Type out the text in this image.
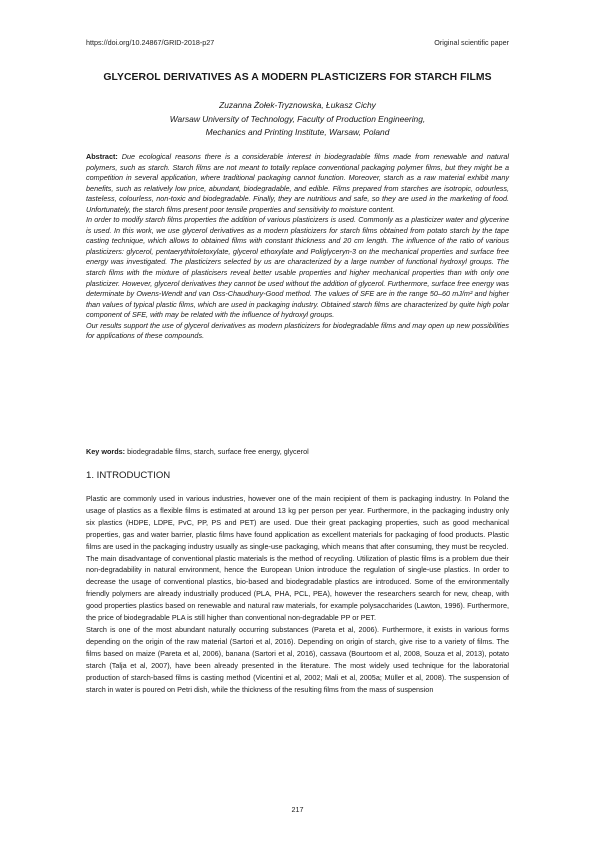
https://doi.org/10.24867/GRID-2018-p27	Original scientific paper
GLYCEROL DERIVATIVES AS A MODERN PLASTICIZERS FOR STARCH FILMS
Zuzanna Żołek-Tryznowska, Łukasz Cichy
Warsaw University of Technology, Faculty of Production Engineering,
Mechanics and Printing Institute, Warsaw, Poland

Abstract: Due ecological reasons there is a considerable interest in biodegradable films made from renewable and natural polymers, such as starch. Starch films are not meant to totally replace conventional packaging polymer films, but they might be a competition in several application, where traditional packaging cannot function. Moreover, starch as a raw material exhibit many benefits, such as relatively low price, abundant, biodegradable, and edible. Films prepared from starches are isotropic, odourless, tasteless, colourless, non-toxic and biodegradable. Finally, they are nutritious and safe, so they are used in the marketing of food. Unfortunately, the starch films present poor tensile properties and sensitivity to moisture content.

In order to modify starch films properties the addition of various plasticizers is used. Commonly as a plasticizer water and glycerine is used. In this work, we use glycerol derivatives as a modern plasticizers for starch films obtained from potato starch by the tape casting technique, which allows to obtained films with constant thickness and 20 cm length. The influence of the ratio of various plasticizers: glycerol, pentaerythitoletoxylate, glycerol ethoxylate and Poliglyceryn-3 on the mechanical properties and surface free energy was investigated. The plasticizers selected by us are characterized by a large number of functional hydroxyl groups. The starch films with the mixture of plasticisers reveal better usable properties and higher mechanical properties than with only one plasticizer. However, glycerol derivatives they cannot be used without the addition of glycerol. Furthermore, surface free energy was determinate by Owens-Wendt and van Oss-Chaudhury-Good method. The values of SFE are in the range 50–60 mJ/m² and higher than values of typical plastic films, which are used in packaging industry. Obtained starch films are characterized by quite high polar component of SFE, with may be related with the influence of hydroxyl groups.

Our results support the use of glycerol derivatives as modern plasticizers for biodegradable films and may open up new possibilities for applications of these compounds.

Key words: biodegradable films, starch, surface free energy, glycerol
1. INTRODUCTION

Plastic are commonly used in various industries, however one of the main recipient of them is packaging industry. In Poland the usage of plastics as a flexible films is estimated at around 13 kg per person per year. Furthermore, in the packaging industry only six plastics (HDPE, LDPE, PvC, PP, PS and PET) are used. Due their great packaging properties, such as good mechanical properties, gas and water barrier, plastic films have found application as excellent materials for packaging of food products. Plastic films are used in the packaging industry usually as single-use packaging, which means that after consuming, they must be recycled.

The main disadvantage of conventional plastic materials is the method of recycling. Utilization of plastic films is a problem due their non-degradability in natural environment, hence the European Union introduce the regulation of single-use plastics. In order to decrease the usage of conventional plastics, bio-based and biodegradable plastics are introduced. Some of the environmentally friendly polymers are already industrially produced (PLA, PHA, PCL, PEA), however the researchers search for new, cheap, with good properties plastics based on renewable and natural raw materials, for example polysaccharides (Lawton, 1996). Furthermore, the price of biodegradable PLA is still higher than conventional non-degradable PP or PET.

Starch is one of the most abundant naturally occurring substances (Pareta et al, 2006). Furthermore, it exists in various forms depending on the origin of the raw material (Sartori et al, 2016). Depending on origin of starch, give rise to a variety of films. The films based on maize (Pareta et al, 2006), banana (Sartori et al, 2016), cassava (Bourtoom et al, 2008, Souza et al, 2013), potato starch (Talja et al, 2007), have been already presented in the literature. The most widely used technique for the laboratorial production of starch-based films is casting method (Vicentini et al, 2002; Mali et al, 2005a; Müller et al, 2008). The suspension of starch in water is poured on Petri dish, while the thickness of the resulting films from the mass of suspension

217
